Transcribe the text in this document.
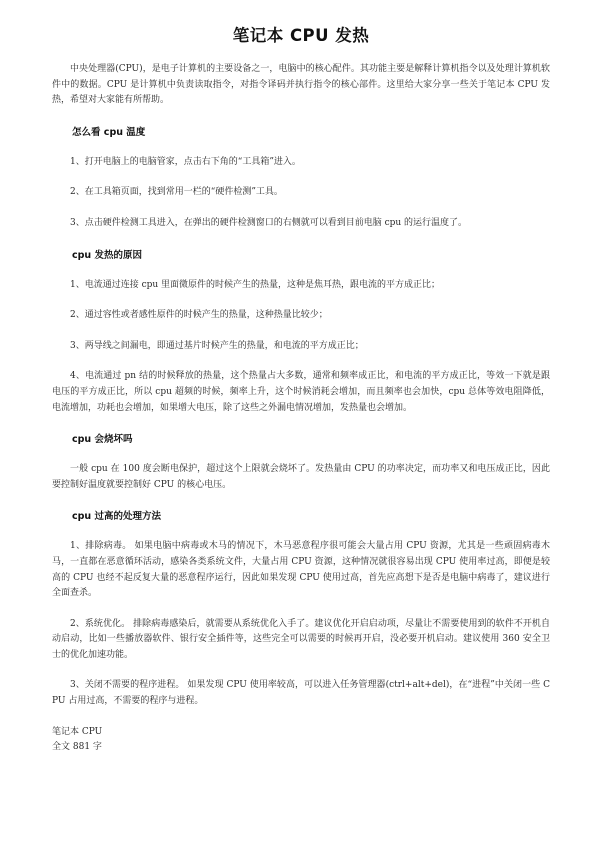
笔记本 CPU 发热

中央处理器(CPU)，是电子计算机的主要设备之一，电脑中的核心配件。其功能主要是解释计算机指令以及处理计算机软件中的数据。CPU 是计算机中负责读取指令，对指令译码并执行指令的核心部件。这里给大家分享一些关于笔记本 CPU 发热，希望对大家能有所帮助。

怎么看 cpu 温度

1、打开电脑上的电脑管家，点击右下角的“工具箱”进入。

2、在工具箱页面，找到常用一栏的“硬件检测”工具。

3、点击硬件检测工具进入，在弹出的硬件检测窗口的右侧就可以看到目前电脑 cpu 的运行温度了。

cpu 发热的原因

1、电流通过连接 cpu 里面微原件的时候产生的热量，这种是焦耳热，跟电流的平方成正比；

2、通过容性或者感性原件的时候产生的热量，这种热量比较少；

3、两导线之间漏电，即通过基片时候产生的热量，和电流的平方成正比；

4、电流通过 pn 结的时候释放的热量，这个热量占大多数，通常和频率成正比，和电流的平方成正比，等效一下就是跟电压的平方成正比，所以 cpu 超频的时候，频率上升，这个时候消耗会增加，而且频率也会加快，cpu 总体等效电阻降低，电流增加，功耗也会增加，如果增大电压，除了这些之外漏电情况增加，发热量也会增加。

cpu 会烧坏吗

一般 cpu 在 100 度会断电保护，超过这个上限就会烧坏了。发热量由 CPU 的功率决定，而功率又和电压成正比，因此要控制好温度就要控制好 CPU 的核心电压。

cpu 过高的处理方法

1、排除病毒。 如果电脑中病毒或木马的情况下，木马恶意程序很可能会大量占用 CPU 资源，尤其是一些顽固病毒木马，一直都在恶意循环活动，感染各类系统文件，大量占用 CPU 资源，这种情况就很容易出现 CPU 使用率过高，即便是较高的 CPU 也经不起反复大量的恶意程序运行，因此如果发现 CPU 使用过高，首先应高想下是否是电脑中病毒了，建议进行全面查杀。

2、系统优化。 排除病毒感染后，就需要从系统优化入手了。建议优化开启启动项，尽量让不需要使用到的软件不开机自动启动，比如一些播放器软件、银行安全插件等，这些完全可以需要的时候再开启，没必要开机启动。建议使用 360 安全卫士的优化加速功能。

3、关闭不需要的程序进程。 如果发现 CPU 使用率较高，可以进入任务管理器(ctrl+alt+del)，在“进程”中关闭一些 CPU 占用过高，不需要的程序与进程。

笔记本 CPU

全文 881 字
